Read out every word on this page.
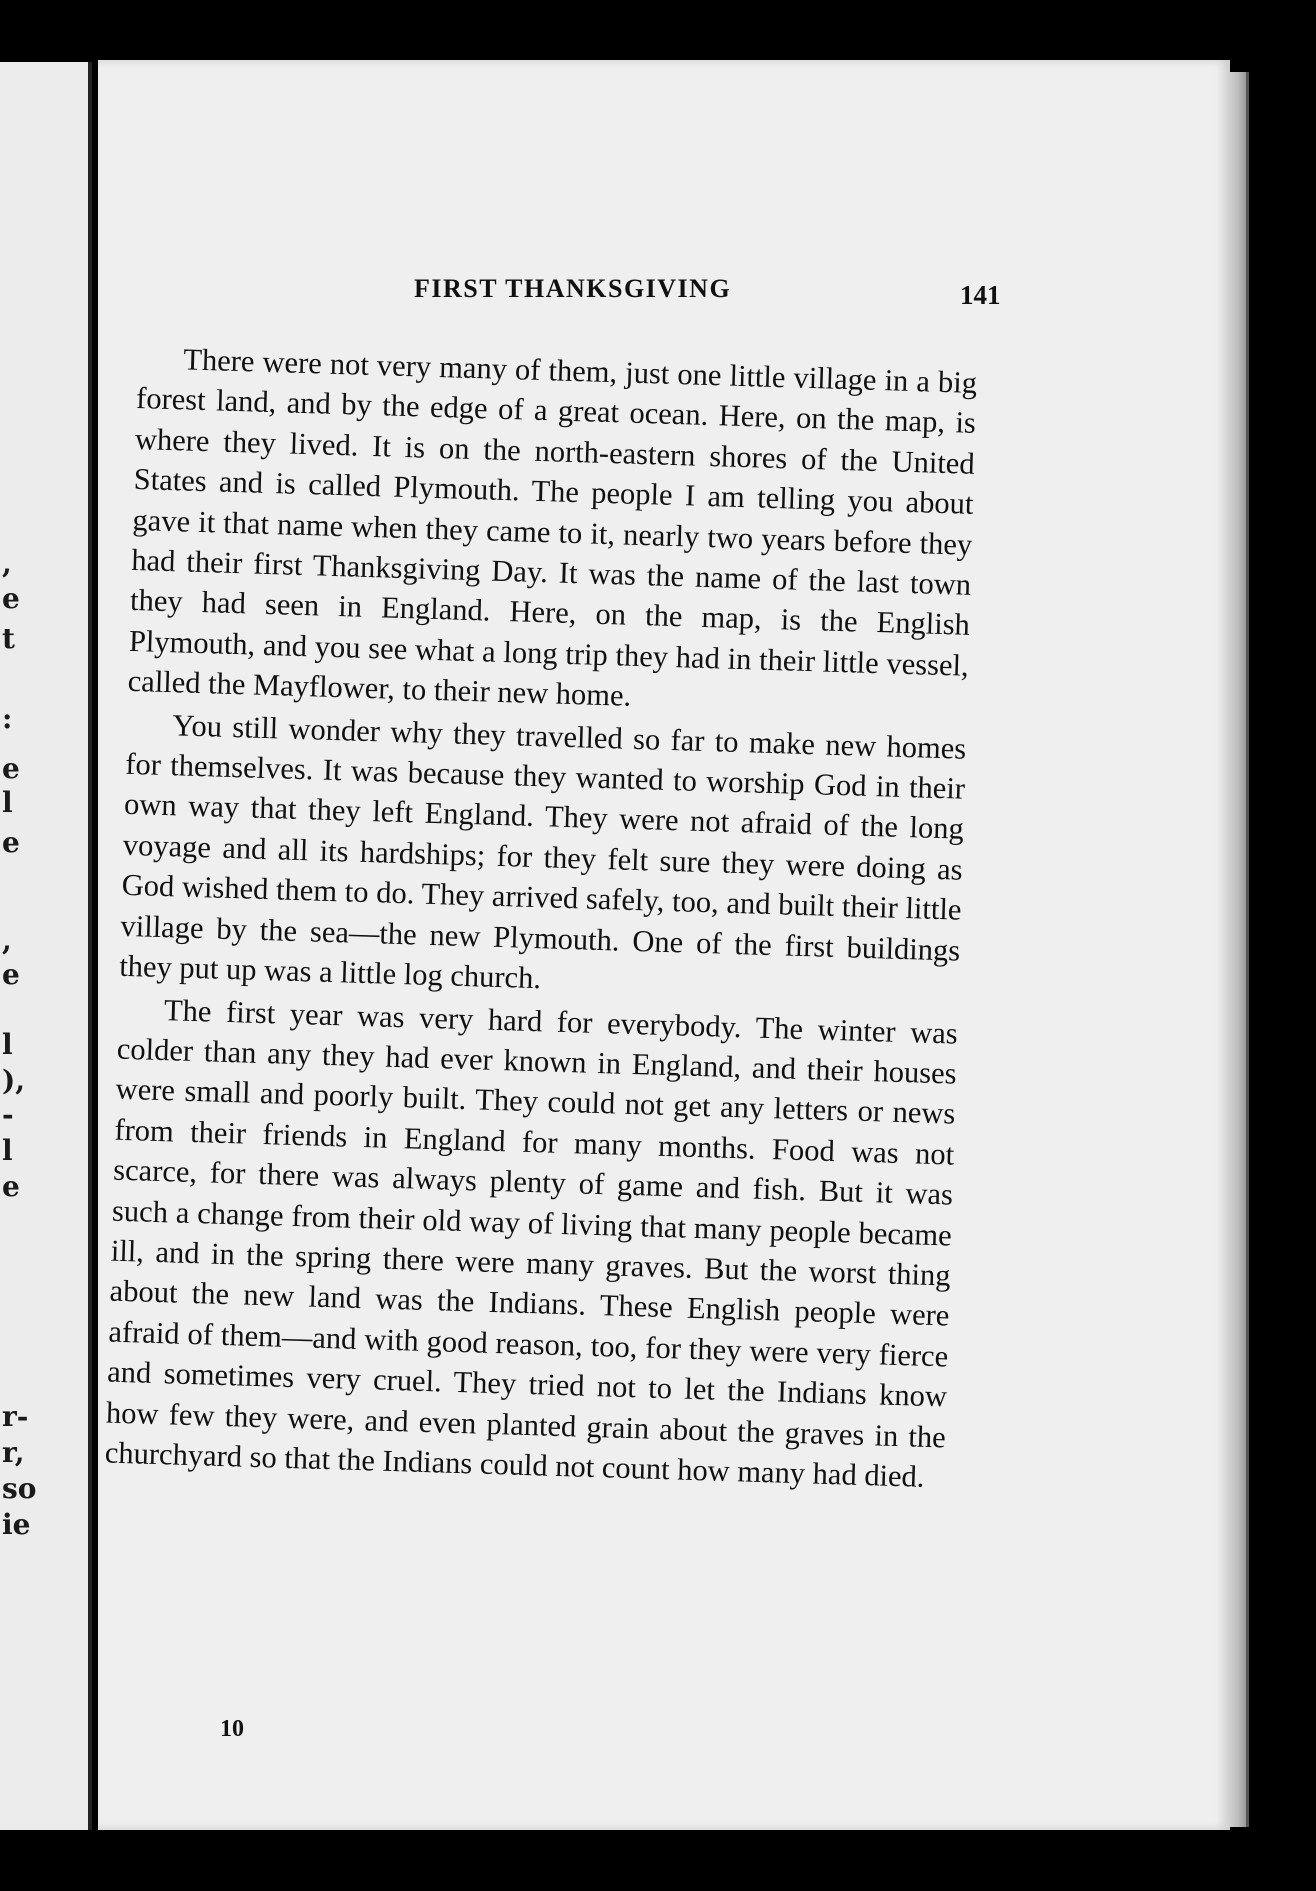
,
e
t
:
e
l
e
,
e
l
),
-
l
e
r-
r,
so
ie
FIRST THANKSGIVING	141

There were not very many of them, just one little village in a big forest land, and by the edge of a great ocean. Here, on the map, is where they lived. It is on the north-eastern shores of the United States and is called Plymouth. The people I am telling you about gave it that name when they came to it, nearly two years before they had their first Thanksgiving Day. It was the name of the last town they had seen in England. Here, on the map, is the English Plymouth, and you see what a long trip they had in their little vessel, called the Mayflower, to their new home.

You still wonder why they travelled so far to make new homes for themselves. It was because they wanted to worship God in their own way that they left England. They were not afraid of the long voyage and all its hardships; for they felt sure they were doing as God wished them to do. They arrived safely, too, and built their little village by the sea—the new Plymouth. One of the first buildings they put up was a little log church.

The first year was very hard for everybody. The winter was colder than any they had ever known in England, and their houses were small and poorly built. They could not get any letters or news from their friends in England for many months. Food was not scarce, for there was always plenty of game and fish. But it was such a change from their old way of living that many people became ill, and in the spring there were many graves. But the worst thing about the new land was the Indians. These English people were afraid of them—and with good reason, too, for they were very fierce and sometimes very cruel. They tried not to let the Indians know how few they were, and even planted grain about the graves in the churchyard so that the Indians could not count how many had died.

10
